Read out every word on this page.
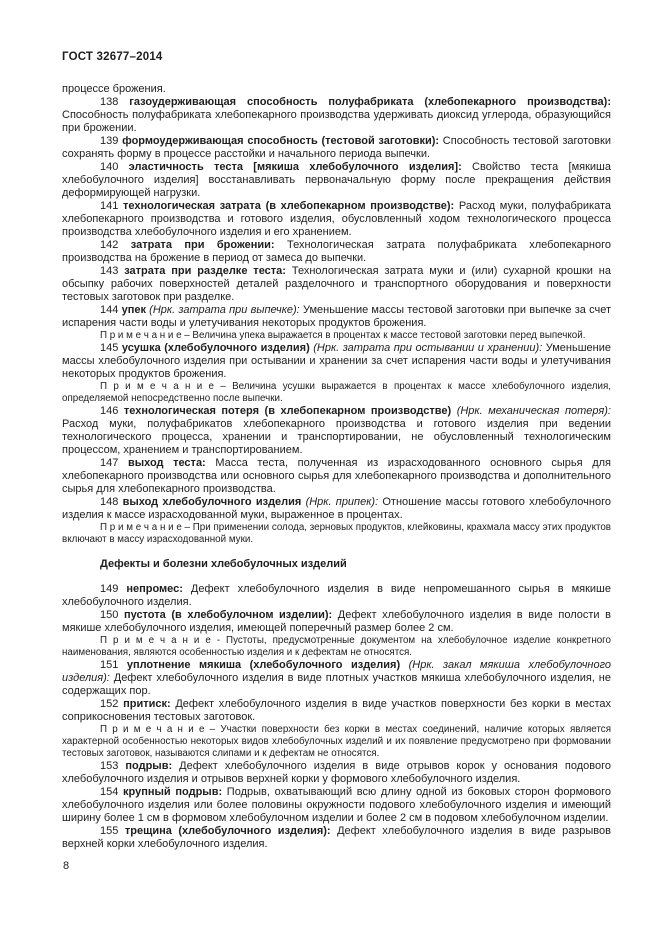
ГОСТ 32677–2014

процессе брожения.

138 газоудерживающая способность полуфабриката (хлебопекарного производства): Способность полуфабриката хлебопекарного производства удерживать диоксид углерода, образующийся при брожении.

139 формоудерживающая способность (тестовой заготовки): Способность тестовой заготовки сохранять форму в процессе расстойки и начального периода выпечки.

140 эластичность теста [мякиша хлебобулочного изделия]: Свойство теста [мякиша хлебобулочного изделия] восстанавливать первоначальную форму после прекращения действия деформирующей нагрузки.

141 технологическая затрата (в хлебопекарном производстве): Расход муки, полуфабриката хлебопекарного производства и готового изделия, обусловленный ходом технологического процесса производства хлебобулочного изделия и его хранением.

142 затрата при брожении: Технологическая затрата полуфабриката хлебопекарного производства на брожение в период от замеса до выпечки.

143 затрата при разделке теста: Технологическая затрата муки и (или) сухарной крошки на обсыпку рабочих поверхностей деталей разделочного и транспортного оборудования и поверхности тестовых заготовок при разделке.

144 упек (Нрк. затрата при выпечке): Уменьшение массы тестовой заготовки при выпечке за счет испарения части воды и улетучивания некоторых продуктов брожения.

П р и м е ч а н и е – Величина упека выражается в процентах к массе тестовой заготовки перед выпечкой.

145 усушка (хлебобулочного изделия) (Нрк. затрата при остывании и хранении): Уменьшение массы хлебобулочного изделия при остывании и хранении за счет испарения части воды и улетучивания некоторых продуктов брожения.

П р и м е ч а н и е – Величина усушки выражается в процентах к массе хлебобулочного изделия, определяемой непосредственно после выпечки.

146 технологическая потеря (в хлебопекарном производстве) (Нрк. механическая потеря): Расход муки, полуфабрикатов хлебопекарного производства и готового изделия при ведении технологического процесса, хранении и транспортировании, не обусловленный технологическим процессом, хранением и транспортированием.

147 выход теста: Масса теста, полученная из израсходованного основного сырья для хлебопекарного производства или основного сырья для хлебопекарного производства и дополнительного сырья для хлебопекарного производства.

148 выход хлебобулочного изделия (Нрк. припек): Отношение массы готового хлебобулочного изделия к массе израсходованной муки, выраженное в процентах.

П р и м е ч а н и е – При применении солода, зерновых продуктов, клейковины, крахмала массу этих продуктов включают в массу израсходованной муки.

Дефекты и болезни хлебобулочных изделий

149 непромес: Дефект хлебобулочного изделия в виде непромешанного сырья в мякише хлебобулочного изделия.

150 пустота (в хлебобулочном изделии): Дефект хлебобулочного изделия в виде полости в мякише хлебобулочного изделия, имеющей поперечный размер более 2 см.

П р и м е ч а н и е - Пустоты, предусмотренные документом на хлебобулочное изделие конкретного наименования, являются особенностью изделия и к дефектам не относятся.

151 уплотнение мякиша (хлебобулочного изделия) (Нрк. закал мякиша хлебобулочного изделия): Дефект хлебобулочного изделия в виде плотных участков мякиша хлебобулочного изделия, не содержащих пор.

152 притиск: Дефект хлебобулочного изделия в виде участков поверхности без корки в местах соприкосновения тестовых заготовок.

П р и м е ч а н и е – Участки поверхности без корки в местах соединений, наличие которых является характерной особенностью некоторых видов хлебобулочных изделий и их появление предусмотрено при формовании тестовых заготовок, называются слипами и к дефектам не относятся.

153 подрыв: Дефект хлебобулочного изделия в виде отрывов корок у основания подового хлебобулочного изделия и отрывов верхней корки у формового хлебобулочного изделия.

154 крупный подрыв: Подрыв, охватывающий всю длину одной из боковых сторон формового хлебобулочного изделия или более половины окружности подового хлебобулочного изделия и имеющий ширину более 1 см в формовом хлебобулочном изделии и более 2 см в подовом хлебобулочном изделии.

155 трещина (хлебобулочного изделия): Дефект хлебобулочного изделия в виде разрывов верхней корки хлебобулочного изделия.

8
